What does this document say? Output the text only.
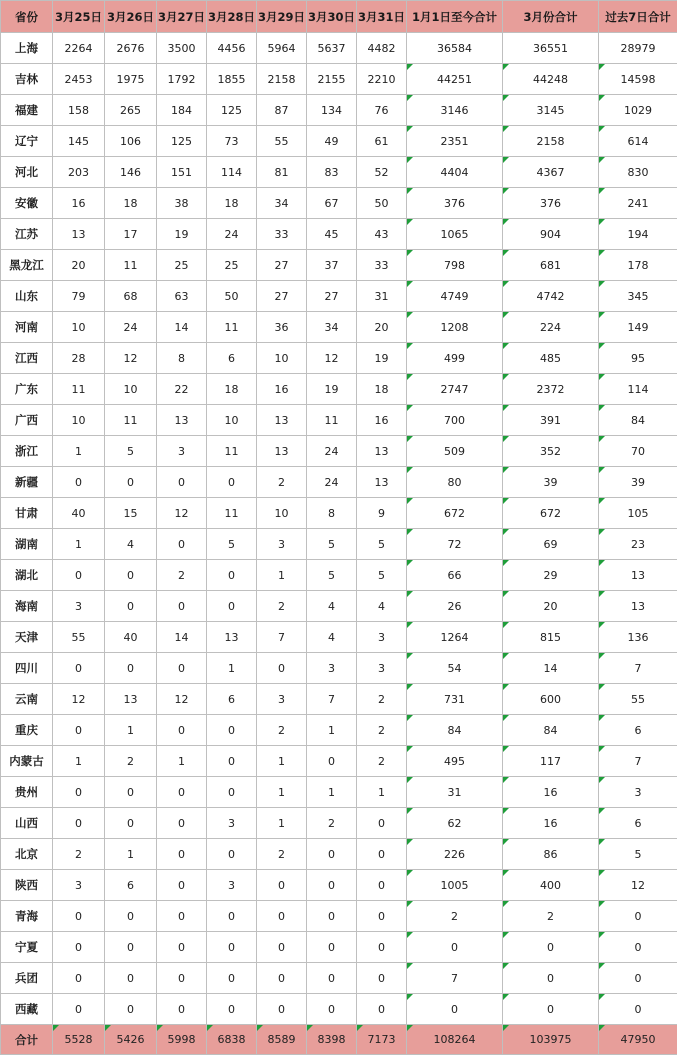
省份	3月25日	3月26日	3月27日	3月28日	3月29日	3月30日	3月31日	1月1日至今合计	3月份合计	过去7日合计
上海	2264	2676	3500	4456	5964	5637	4482	36584	36551	28979
吉林	2453	1975	1792	1855	2158	2155	2210	44251	44248	14598
福建	158	265	184	125	87	134	76	3146	3145	1029
辽宁	145	106	125	73	55	49	61	2351	2158	614
河北	203	146	151	114	81	83	52	4404	4367	830
安徽	16	18	38	18	34	67	50	376	376	241
江苏	13	17	19	24	33	45	43	1065	904	194
黑龙江	20	11	25	25	27	37	33	798	681	178
山东	79	68	63	50	27	27	31	4749	4742	345
河南	10	24	14	11	36	34	20	1208	224	149
江西	28	12	8	6	10	12	19	499	485	95
广东	11	10	22	18	16	19	18	2747	2372	114
广西	10	11	13	10	13	11	16	700	391	84
浙江	1	5	3	11	13	24	13	509	352	70
新疆	0	0	0	0	2	24	13	80	39	39
甘肃	40	15	12	11	10	8	9	672	672	105
湖南	1	4	0	5	3	5	5	72	69	23
湖北	0	0	2	0	1	5	5	66	29	13
海南	3	0	0	0	2	4	4	26	20	13
天津	55	40	14	13	7	4	3	1264	815	136
四川	0	0	0	1	0	3	3	54	14	7
云南	12	13	12	6	3	7	2	731	600	55
重庆	0	1	0	0	2	1	2	84	84	6
内蒙古	1	2	1	0	1	0	2	495	117	7
贵州	0	0	0	0	1	1	1	31	16	3
山西	0	0	0	3	1	2	0	62	16	6
北京	2	1	0	0	2	0	0	226	86	5
陕西	3	6	0	3	0	0	0	1005	400	12
青海	0	0	0	0	0	0	0	2	2	0
宁夏	0	0	0	0	0	0	0	0	0	0
兵团	0	0	0	0	0	0	0	7	0	0
西藏	0	0	0	0	0	0	0	0	0	0
合计	5528	5426	5998	6838	8589	8398	7173	108264	103975	47950
